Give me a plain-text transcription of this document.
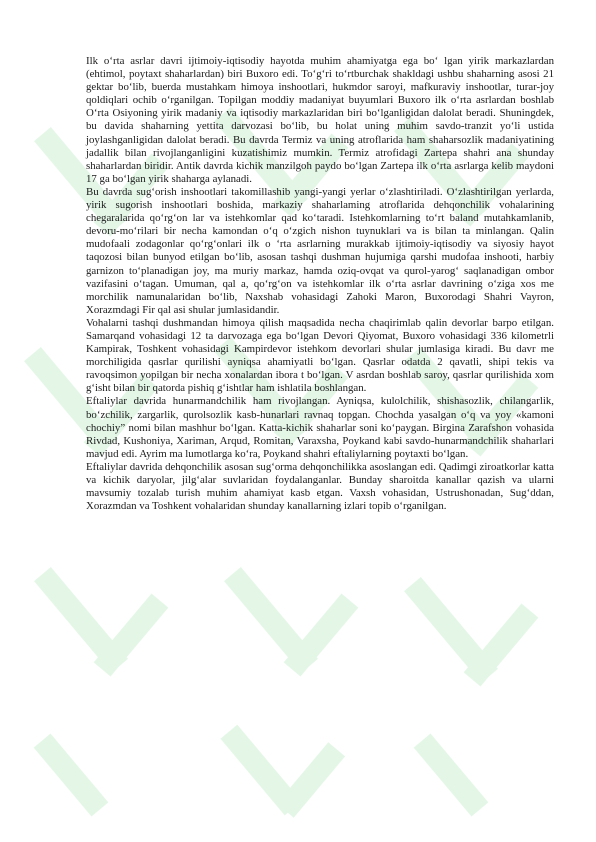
Ilk o‘rta asrlar davri ijtimoiy-iqtisodiy hayotda muhim ahamiyatga ega bo‘ lgan yirik markazlardan (ehtimol, poytaxt shaharlardan) biri Buxoro edi. To‘g‘ri to‘rtburchak shakldagi ushbu shaharning asosi 21 gektar bo‘lib, buerda mustahkam himoya inshootlari, hukmdor saroyi, mafkuraviy inshootlar, turar-joy qoldiqlari ochib o‘rganilgan. Topilgan moddiy madaniyat buyumlari Buxoro ilk o‘rta asrlardan boshlab O‘rta Osiyoning yirik madaniy va iqtisodiy markazlaridan biri bo‘lganligidan dalolat beradi. Shuningdek, bu davida shaharning yettita darvozasi bo‘lib, bu holat uning muhim savdo-tranzit yo‘li ustida joylashganligidan dalolat beradi. Bu davrda Termiz va uning atroflarida ham shaharsozlik madaniyatining jadallik bilan rivojlanganligini kuzatishimiz mumkin. Termiz atrofidagi Zartepa shahri ana shunday shaharlardan biridir. Antik davrda kichik manzilgoh paydo bo‘lgan Zartepa ilk o‘rta asrlarga kelib maydoni 17 ga bo‘lgan yirik shaharga aylanadi.

Bu davrda sug‘orish inshootlari takomillashib yangi-yangi yerlar o‘zlashtiriladi. O‘zlashtirilgan yerlarda, yirik sugorish inshootlari boshida, markaziy shaharlaming atroflarida dehqonchilik vohalarining chegaralarida qo‘rg‘on lar va istehkomlar qad ko‘taradi. Istehkomlarning to‘rt baland mutahkamlanib, devoru-mo‘rilari bir necha kamondan o‘q o‘zgich nishon tuynuklari va is bilan ta minlangan. Qalin mudofaali zodagonlar qo‘rg‘onlari ilk o ‘rta asrlarning murakkab ijtimoiy-iqtisodiy va siyosiy hayot taqozosi bilan bunyod etilgan bo‘lib, asosan tashqi dushman hujumiga qarshi mudofaa inshooti, harbiy garnizon to‘planadigan joy, ma muriy markaz, hamda oziq-ovqat va qurol-yarog‘ saqlanadigan ombor vazifasini o‘tagan. Umuman, qal a, qo‘rg‘on va istehkomlar ilk o‘rta asrlar davrining o‘ziga xos me morchilik namunalaridan bo‘lib, Naxshab vohasidagi Zahoki Maron, Buxorodagi Shahri Vayron, Xorazmdagi Fir qal asi shular jumlasidandir.

Vohalarni tashqi dushmandan himoya qilish maqsadida necha chaqirimlab qalin devorlar barpo etilgan. Samarqand vohasidagi 12 ta darvozaga ega bo‘lgan Devori Qiyomat, Buxoro vohasidagi 336 kilometrli Kampirak, Toshkent vohasidagi Kampirdevor istehkom devorlari shular jumlasiga kiradi. Bu davr me morchiligida qasrlar qurilishi ayniqsa ahamiyatli bo‘lgan. Qasrlar odatda 2 qavatli, shipi tekis va ravoqsimon yopilgan bir necha xonalardan ibora t bo‘lgan. V asrdan boshlab saroy, qasrlar qurilishida xom g‘isht bilan bir qatorda pishiq g‘ishtlar ham ishlatila boshlangan.

Eftaliylar davrida hunarmandchilik ham rivojlangan. Ayniqsa, kulolchilik, shishasozlik, chilangarlik, bo‘zchilik, zargarlik, qurolsozlik kasb-hunarlari ravnaq topgan. Chochda yasalgan o‘q va yoy «kamoni chochiy” nomi bilan mashhur bo‘lgan. Katta-kichik shaharlar soni ko‘paygan. Birgina Zarafshon vohasida Rivdad, Kushoniya, Xariman, Arqud, Romitan, Varaxsha, Poykand kabi savdo-hunarmandchilik shaharlari mavjud edi. Ayrim ma lumotlarga ko‘ra, Poykand shahri eftaliylarning poytaxti bo‘lgan.

Eftaliylar davrida dehqonchilik asosan sug‘orma dehqonchilikka asoslangan edi. Qadimgi ziroatkorlar katta va kichik daryolar, jilg‘alar suvlaridan foydalanganlar. Bunday sharoitda kanallar qazish va ularni mavsumiy tozalab turish muhim ahamiyat kasb etgan. Vaxsh vohasidan, Ustrushonadan, Sug‘ddan, Xorazmdan va Toshkent vohalaridan shunday kanallarning izlari topib o‘rganilgan.
